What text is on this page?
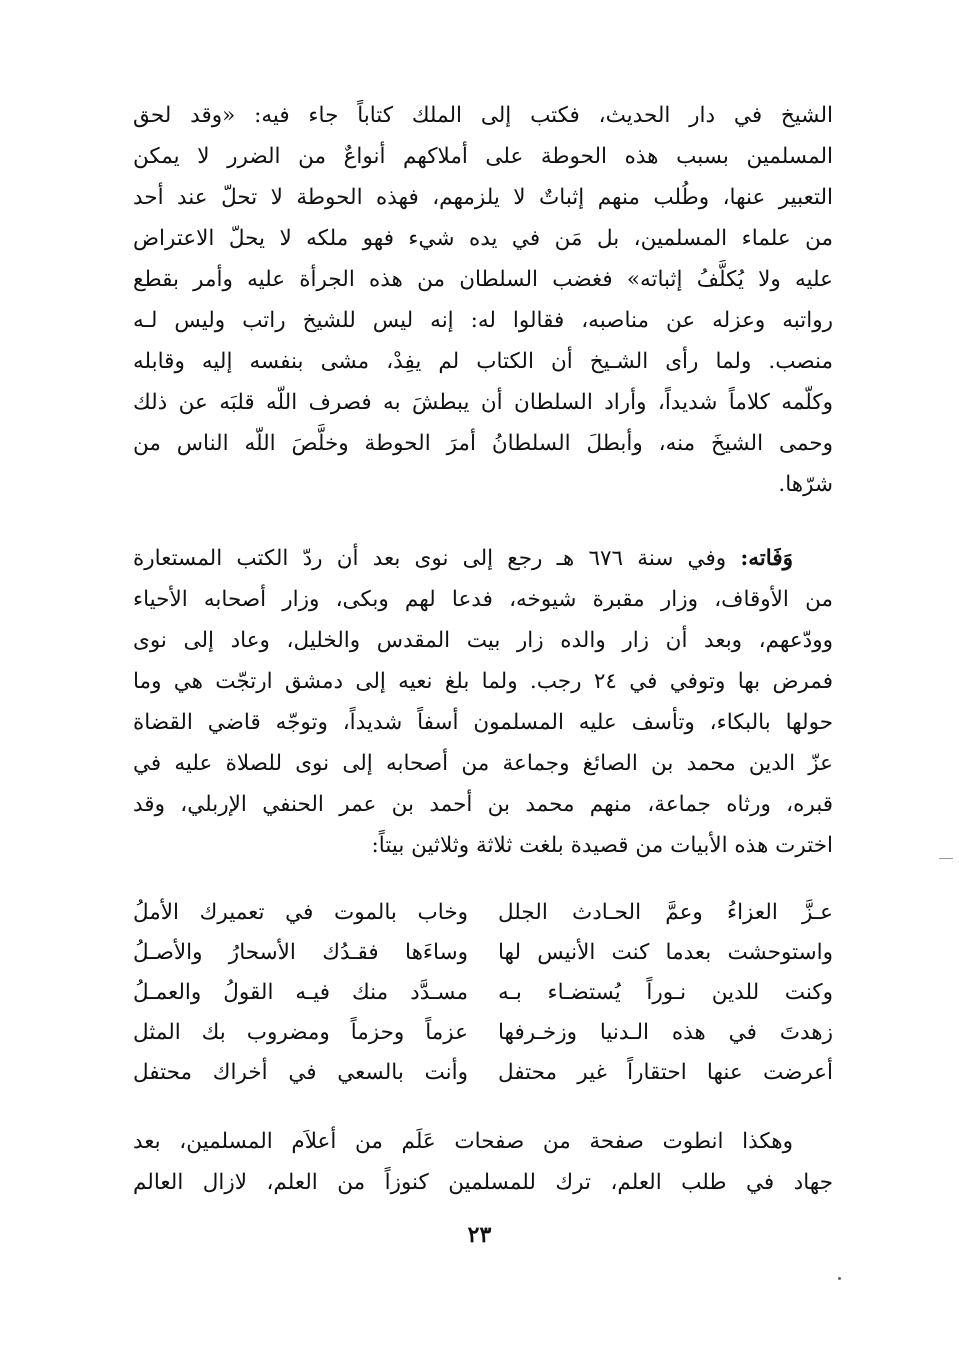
الشيخ في دار الحديث، فكتب إلى الملك كتاباً جاء فيه: «وقد لحق
المسلمين بسبب هذه الحوطة على أملاكهم أنواعٌ من الضرر لا يمكن
التعبير عنها، وطُلب منهم إثباتٌ لا يلزمهم، فهذه الحوطة لا تحلّ عند أحد
من علماء المسلمين، بل مَن في يده شيء فهو ملكه لا يحلّ الاعتراض
عليه ولا يُكلَّفُ إثباته» فغضب السلطان من هذه الجرأة عليه وأمر بقطع
رواتبه وعزله عن مناصبه، فقالوا له: إنه ليس للشيخ راتب وليس لـه
منصب. ولما رأى الشـيخ أن الكتاب لم يفِدْ، مشى بنفسه إليه وقابله
وكلّمه كلاماً شديداً، وأراد السلطان أن يبطشَ به فصرف اللّه قلبَه عن ذلك
وحمى الشيخَ منه، وأبطلَ السلطانُ أمرَ الحوطة وخلَّصَ اللّه الناس من
شرّها.
وَفَاته: وفي سنة ٦٧٦ هـ رجع إلى نوى بعد أن ردّ الكتب المستعارة
من الأوقاف، وزار مقبرة شيوخه، فدعا لهم وبكى، وزار أصحابه الأحياء
وودّعهم، وبعد أن زار والده زار بيت المقدس والخليل، وعاد إلى نوى
فمرض بها وتوفي في ٢٤ رجب. ولما بلغ نعيه إلى دمشق ارتجّت هي وما
حولها بالبكاء، وتأسف عليه المسلمون أسفاً شديداً، وتوجّه قاضي القضاة
عزّ الدين محمد بن الصائغ وجماعة من أصحابه إلى نوى للصلاة عليه في
قبره، ورثاه جماعة، منهم محمد بن أحمد بن عمر الحنفي الإربلي، وقد
اخترت هذه الأبيات من قصيدة بلغت ثلاثة وثلاثين بيتاً:
عـزَّ العزاءُ وعمَّ الحـادث الجلل
وخاب بالموت في تعميرك الأملُ
واستوحشت بعدما كنت الأنيس لها
وساءَها فقـدُك الأسحارُ والأصـلُ
وكنت للدين نـوراً يُستضـاء بـه
مسـدَّد منك فيـه القولُ والعمـلُ
زهدتَ في هذه الـدنيا وزخـرفها
عزماً وحزماً ومضروب بك المثل
أعرضت عنها احتقاراً غير محتفل
وأنت بالسعي في أخراك محتفل
وهكذا انطوت صفحة من صفحات عَلَم من أعلاَم المسلمين، بعد
جهاد في طلب العلم، ترك للمسلمين كنوزاً من العلم، لازال العالم
٢٣
